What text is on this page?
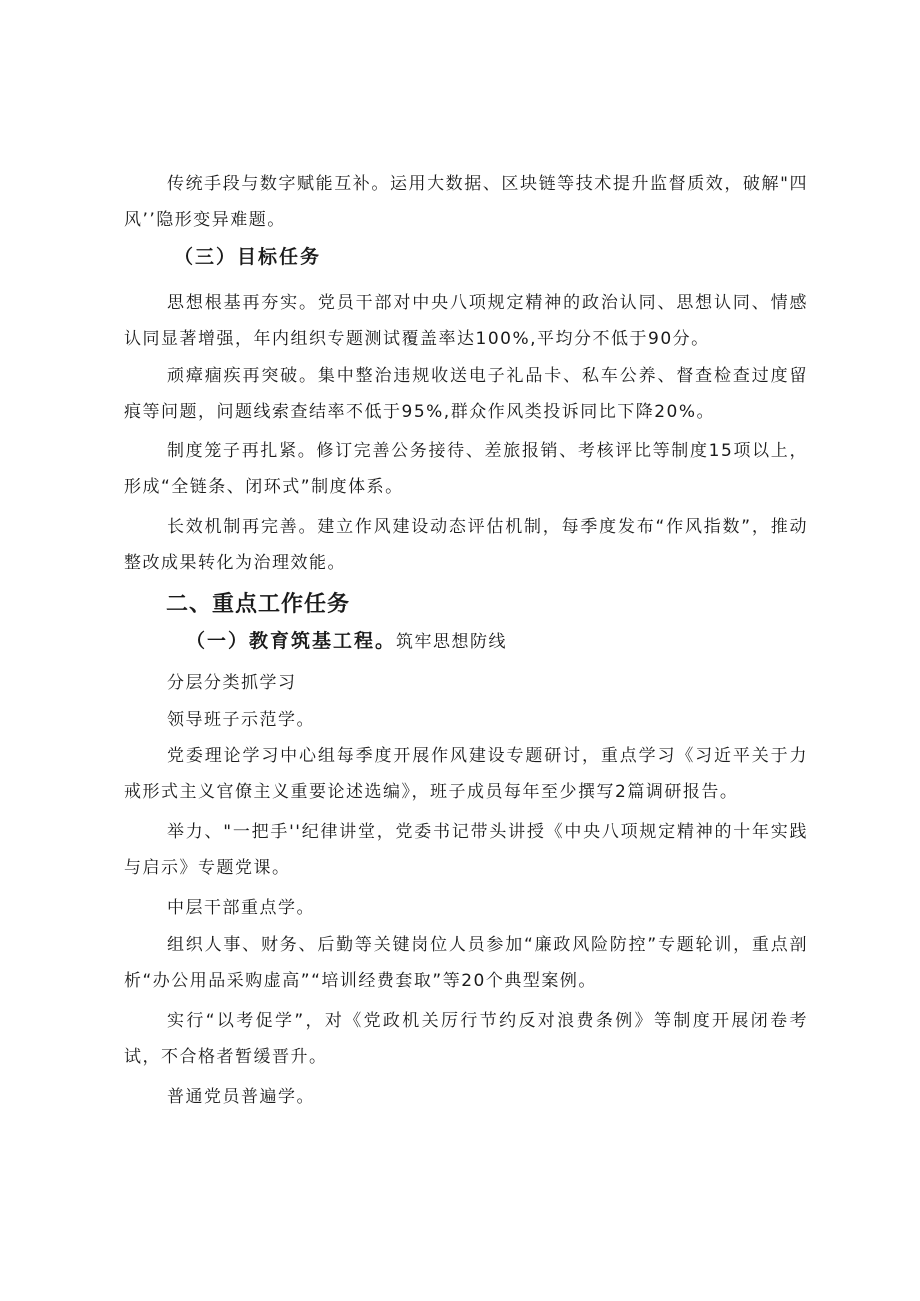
传统手段与数字赋能互补。运用大数据、区块链等技术提升监督质效，破解"四风’’隐形变异难题。

（三）目标任务

思想根基再夯实。党员干部对中央八项规定精神的政治认同、思想认同、情感认同显著增强，年内组织专题测试覆盖率达100%,平均分不低于90分。

顽瘴痼疾再突破。集中整治违规收送电子礼品卡、私车公养、督查检查过度留痕等问题，问题线索查结率不低于95%,群众作风类投诉同比下降20%。

制度笼子再扎紧。修订完善公务接待、差旅报销、考核评比等制度15项以上，形成“全链条、闭环式”制度体系。

长效机制再完善。建立作风建设动态评估机制，每季度发布“作风指数”，推动整改成果转化为治理效能。

二、重点工作任务

（一）教育筑基工程。筑牢思想防线

分层分类抓学习

领导班子示范学。

党委理论学习中心组每季度开展作风建设专题研讨，重点学习《习近平关于力戒形式主义官僚主义重要论述选编》，班子成员每年至少撰写2篇调研报告。

举力、"一把手''纪律讲堂，党委书记带头讲授《中央八项规定精神的十年实践与启示》专题党课。

中层干部重点学。

组织人事、财务、后勤等关键岗位人员参加“廉政风险防控”专题轮训，重点剖析“办公用品采购虚高”“培训经费套取”等20个典型案例。

实行“以考促学”，对《党政机关厉行节约反对浪费条例》等制度开展闭卷考试，不合格者暂缓晋升。

普通党员普遍学。
